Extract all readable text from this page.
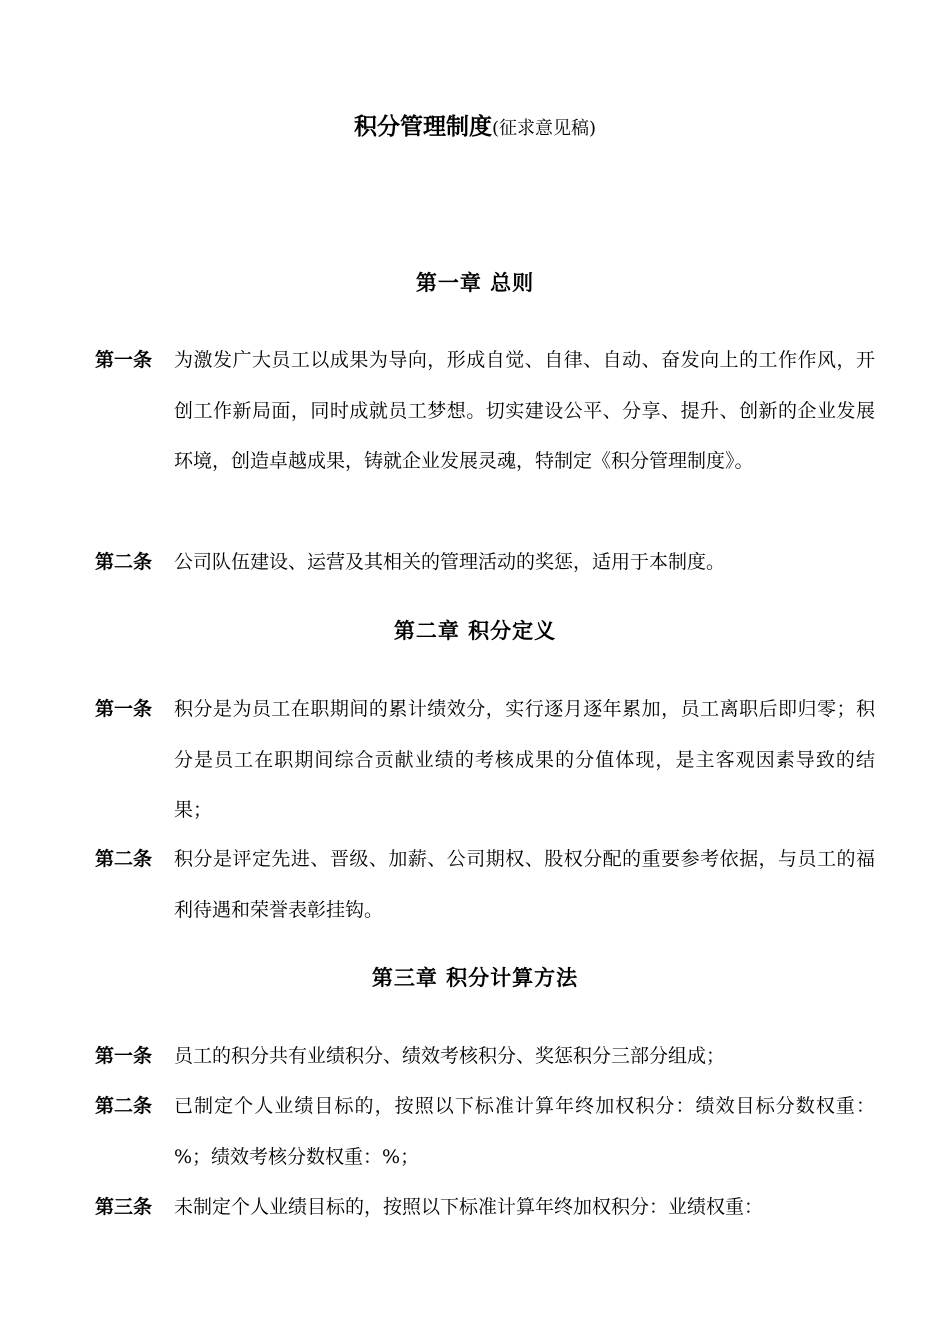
积分管理制度(征求意见稿)
第一章 总则
第一条	为激发广大员工以成果为导向，形成自觉、自律、自动、奋发向上的工作作风，开创工作新局面，同时成就员工梦想。切实建设公平、分享、提升、创新的企业发展环境，创造卓越成果，铸就企业发展灵魂，特制定《积分管理制度》。
第二条	公司队伍建设、运营及其相关的管理活动的奖惩，适用于本制度。
第二章 积分定义
第一条	积分是为员工在职期间的累计绩效分，实行逐月逐年累加，员工离职后即归零；积分是员工在职期间综合贡献业绩的考核成果的分值体现，是主客观因素导致的结果；
第二条	积分是评定先进、晋级、加薪、公司期权、股权分配的重要参考依据，与员工的福利待遇和荣誉表彰挂钩。
第三章 积分计算方法
第一条	员工的积分共有业绩积分、绩效考核积分、奖惩积分三部分组成；
第二条	已制定个人业绩目标的，按照以下标准计算年终加权积分：绩效目标分数权重：%；绩效考核分数权重：%；
第三条	未制定个人业绩目标的，按照以下标准计算年终加权积分：业绩权重：
